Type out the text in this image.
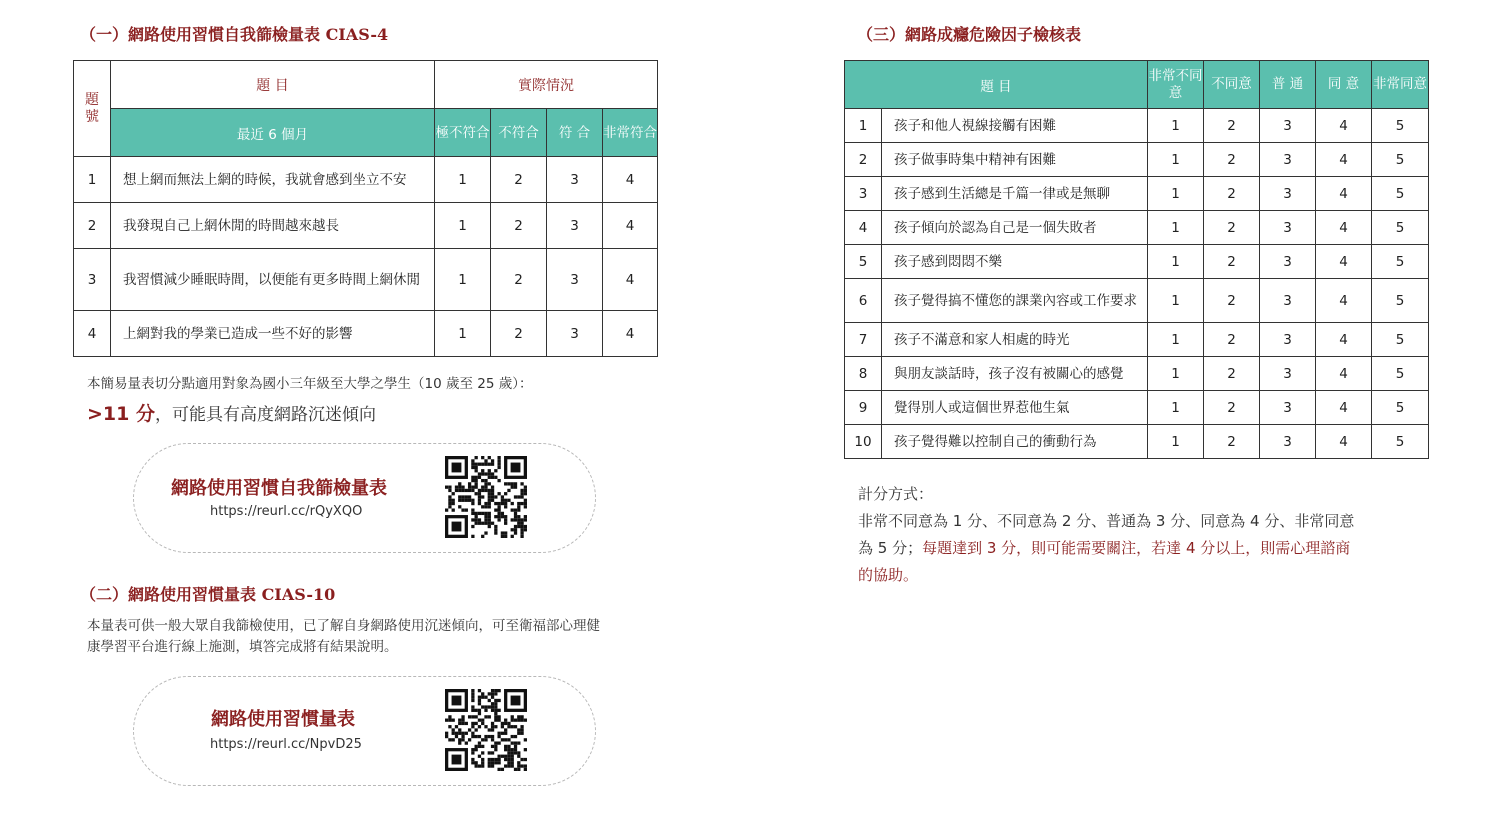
（一）網路使用習慣自我篩檢量表 CIAS-4
題
號	題 目	實際情況			
	最近 6 個月	極不符合	不符合	符 合	非常符合
1	想上網而無法上網的時候，我就會感到坐立不安	1	2	3	4
2	我發現自己上網休閒的時間越來越長	1	2	3	4
3	我習慣減少睡眠時間，以便能有更多時間上網休閒	1	2	3	4
4	上網對我的學業已造成一些不好的影響	1	2	3	4
本簡易量表切分點適用對象為國小三年級至大學之學生（10 歲至 25 歲）：
>11 分，可能具有高度網路沉迷傾向
網路使用習慣自我篩檢量表
https://reurl.cc/rQyXQO
（二）網路使用習慣量表 CIAS-10
本量表可供一般大眾自我篩檢使用，已了解自身網路使用沉迷傾向，可至衛福部心理健
康學習平台進行線上施測，填答完成將有結果說明。
網路使用習慣量表
https://reurl.cc/NpvD25
（三）網路成癮危險因子檢核表
題 目		非常不同意	不同意	普 通	同 意	非常同意
1	孩子和他人視線接觸有困難	1	2	3	4	5
2	孩子做事時集中精神有困難	1	2	3	4	5
3	孩子感到生活總是千篇一律或是無聊	1	2	3	4	5
4	孩子傾向於認為自己是一個失敗者	1	2	3	4	5
5	孩子感到悶悶不樂	1	2	3	4	5
6	孩子覺得搞不懂您的課業內容或工作要求	1	2	3	4	5
7	孩子不滿意和家人相處的時光	1	2	3	4	5
8	與朋友談話時，孩子沒有被關心的感覺	1	2	3	4	5
9	覺得別人或這個世界惹他生氣	1	2	3	4	5
10	孩子覺得難以控制自己的衝動行為	1	2	3	4	5
計分方式：
非常不同意為 1 分、不同意為 2 分、普通為 3 分、同意為 4 分、非常同意
為 5 分；每題達到 3 分，則可能需要關注，若達 4 分以上，則需心理諮商
的協助。
